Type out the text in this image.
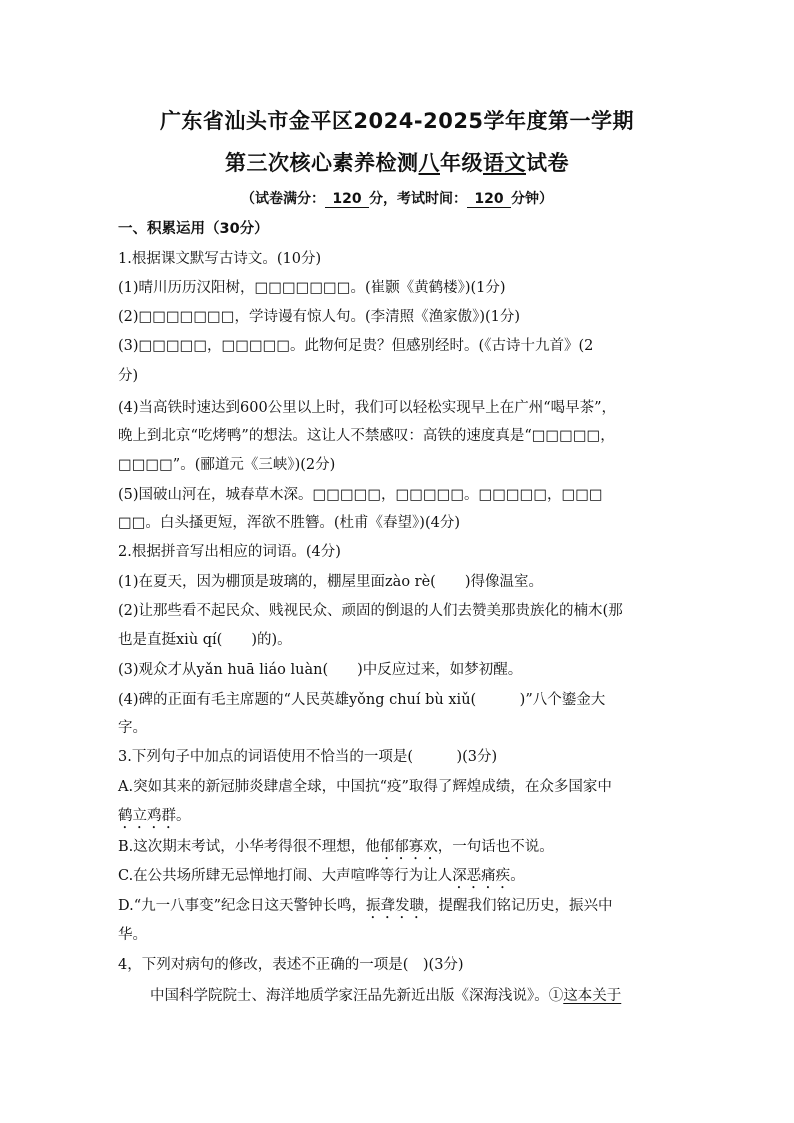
广东省汕头市金平区2024-2025学年度第一学期
第三次核心素养检测八年级语文试卷
（试卷满分： 120 分，考试时间： 120 分钟）
一、积累运用（30分）
1.根据课文默写古诗文。(10分)
(1)晴川历历汉阳树，□□□□□□□。(崔颢《黄鹤楼》)(1分)
(2)□□□□□□□，学诗谩有惊人句。(李清照《渔家傲》)(1分)
(3)□□□□□，□□□□□。此物何足贵？但感别经时。(《古诗十九首》(2
分)
(4)当高铁时速达到600公里以上时，我们可以轻松实现早上在广州“喝早茶”，
晚上到北京“吃烤鸭”的想法。这让人不禁感叹：高铁的速度真是“□□□□□，
□□□□”。(郦道元《三峡》)(2分)
(5)国破山河在，城春草木深。□□□□□，□□□□□。□□□□□，□□□
□□。白头搔更短，浑欲不胜簪。(杜甫《春望》)(4分)
2.根据拼音写出相应的词语。(4分)
(1)在夏天，因为棚顶是玻璃的，棚屋里面zào rè(　　)得像温室。
(2)让那些看不起民众、贱视民众、顽固的倒退的人们去赞美那贵族化的楠木(那
也是直挺xiù qí(　　)的)。
(3)观众才从yǎn huā liáo luàn(　　)中反应过来，如梦初醒。
(4)碑的正面有毛主席题的“人民英雄yǒng chuí bù xiǔ(　　　)”八个鎏金大
字。
3.下列句子中加点的词语使用不恰当的一项是(　　　)(3分)
A.突如其来的新冠肺炎肆虐全球，中国抗“疫”取得了辉煌成绩，在众多国家中
鹤立鸡群。
B.这次期末考试，小华考得很不理想，他郁郁寡欢，一句话也不说。
C.在公共场所肆无忌惮地打闹、大声喧哗等行为让人深恶痛疾。
D.“九一八事变”纪念日这天警钟长鸣，振聋发聩，提醒我们铭记历史，振兴中
华。
4，下列对病句的修改，表述不正确的一项是(　)(3分)
中国科学院院士、海洋地质学家汪品先新近出版《深海浅说》。①这本关于
